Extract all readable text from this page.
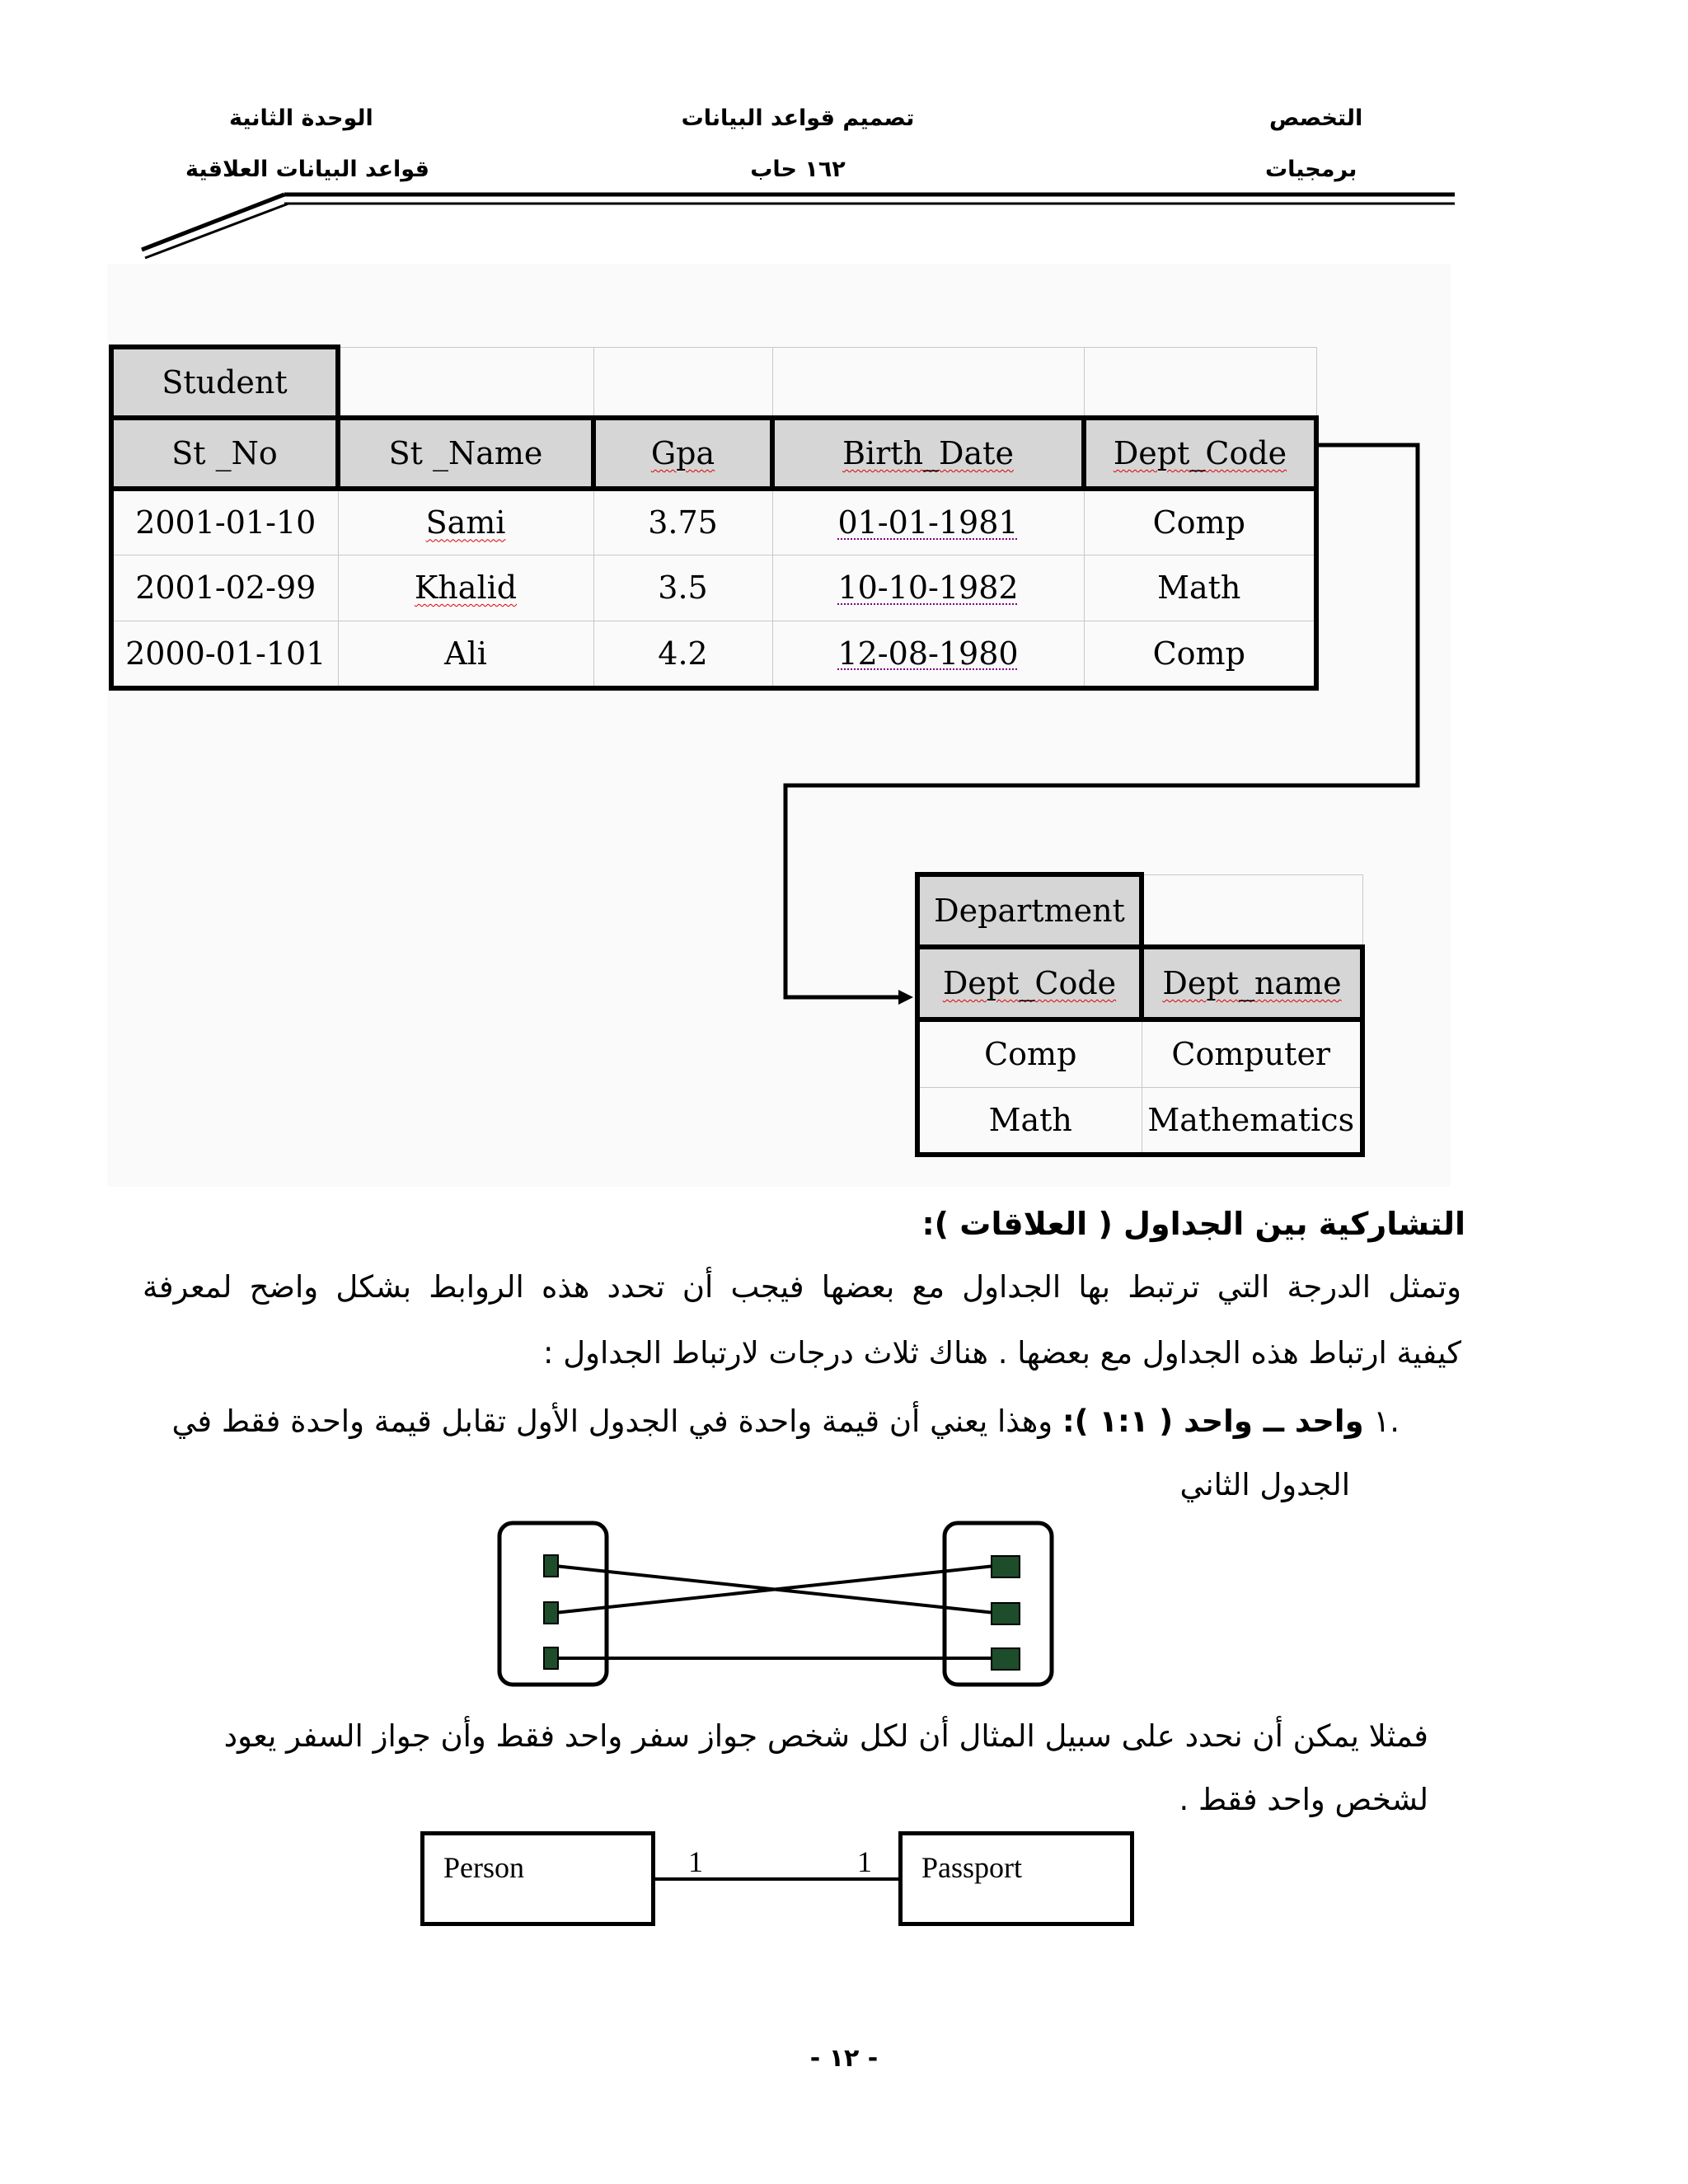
التخصص
برمجيات
تصميم قواعد البيانات
١٦٢ حاب
الوحدة الثانية
قواعد البيانات العلاقية
Student				
St _No	St _Name	Gpa	Birth_Date	Dept_Code
2001-01-10	Sami	3.75	01-01-1981	Comp
2001-02-99	Khalid	3.5	10-10-1982	Math
2000-01-101	Ali	4.2	12-08-1980	Comp
Department	
Dept_Code	Dept_name
Comp	Computer
Math	Mathematics
التشاركية بين الجداول ( العلاقات ):
وتمثل الدرجة التي ترتبط بها الجداول مع بعضها فيجب أن تحدد هذه الروابط بشكل واضح لمعرفة
كيفية ارتباط هذه الجداول مع بعضها . هناك ثلاث درجات لارتباط الجداول :
.١ واحد ــ واحد ( ١:١ ): وهذا يعني أن قيمة واحدة في الجدول الأول تقابل قيمة واحدة فقط في
الجدول الثاني
فمثلا يمكن أن نحدد على سبيل المثال أن لكل شخص جواز سفر واحد فقط وأن جواز السفر يعود
لشخص واحد فقط .
Person	Passport
1	1
- ١٢ -
